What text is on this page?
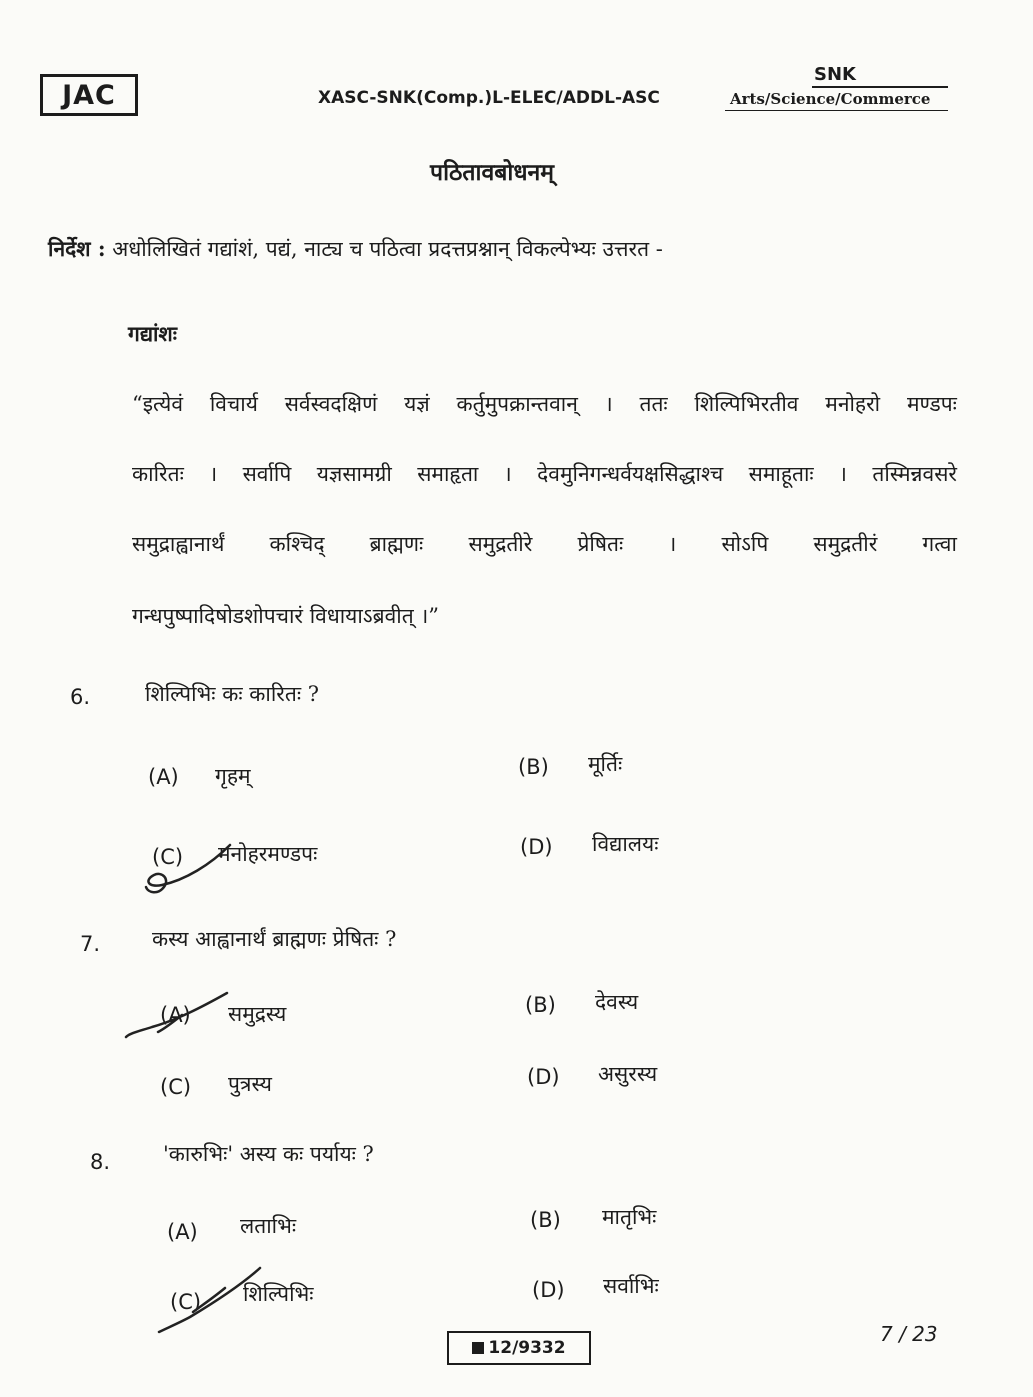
JAC	XASC-SNK(Comp.)L-ELEC/ADDL-ASC
SNK
Arts/Science/Commerce
पठितावबोधनम्
निर्देश : अधोलिखितं गद्यांशं, पद्यं, नाट्य च पठित्वा प्रदत्तप्रश्नान् विकल्पेभ्यः उत्तरत -
गद्यांशः
“इत्येवं विचार्य सर्वस्वदक्षिणं यज्ञं कर्तुमुपक्रान्तवान् । ततः शिल्पिभिरतीव मनोहरो मण्डपः
कारितः । सर्वापि यज्ञसामग्री समाहृता । देवमुनिगन्धर्वयक्षसिद्धाश्च समाहूताः । तस्मिन्नवसरे
समुद्राह्वानार्थं कश्चिद् ब्राह्मणः समुद्रतीरे प्रेषितः । सोऽपि समुद्रतीरं गत्वा
गन्धपुष्पादिषोडशोपचारं विधायाऽब्रवीत् ।”
6.	शिल्पिभिः कः कारितः ?
(A) गृहम्	(B) मूर्तिः
(C) मनोहरमण्डपः	(D) विद्यालयः
7. कस्य आह्वानार्थं ब्राह्मणः प्रेषितः ?
(A) समुद्रस्य	(B) देवस्य
(C) पुत्रस्य	(D) असुरस्य
8.	'कारुभिः' अस्य कः पर्यायः ?
(A) लताभिः	(B) मातृभिः
(C) शिल्पिभिः	(D) सर्वाभिः
12/9332
7 / 23
